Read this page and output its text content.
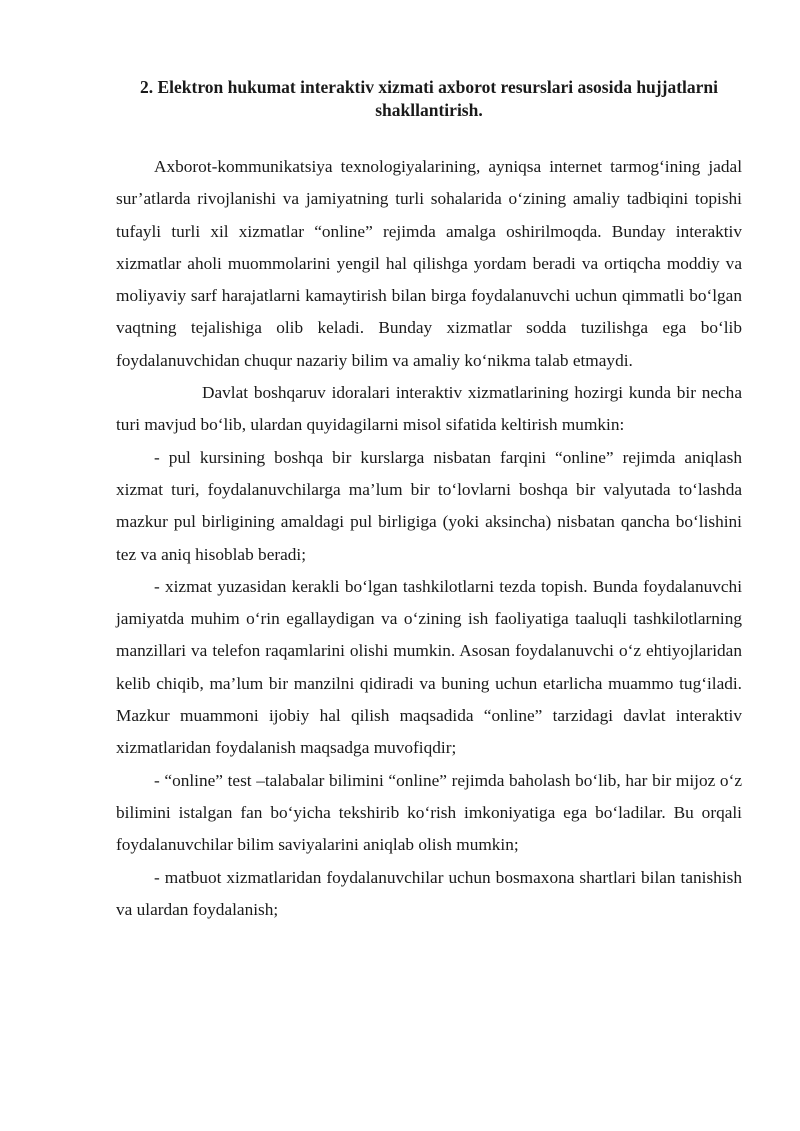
2. Elektron hukumat interaktiv xizmati axborot resurslari asosida hujjatlarni shakllantirish.

Axborot-kommunikatsiya texnologiyalarining, ayniqsa internet tarmog‘ining jadal sur’atlarda rivojlanishi va jamiyatning turli sohalarida o‘zining amaliy tadbiqini topishi tufayli turli xil xizmatlar “online” rejimda amalga oshirilmoqda. Bunday interaktiv xizmatlar aholi muommolarini yengil hal qilishga yordam beradi va ortiqcha moddiy va moliyaviy sarf harajatlarni kamaytirish bilan birga foydalanuvchi uchun qimmatli bo‘lgan vaqtning tejalishiga olib keladi. Bunday xizmatlar sodda tuzilishga ega bo‘lib foydalanuvchidan chuqur nazariy bilim va amaliy ko‘nikma talab etmaydi.

Davlat boshqaruv idoralari interaktiv xizmatlarining hozirgi kunda bir necha turi mavjud bo‘lib, ulardan quyidagilarni misol sifatida keltirish mumkin:

- pul kursining boshqa bir kurslarga nisbatan farqini “online” rejimda aniqlash xizmat turi, foydalanuvchilarga ma’lum bir to‘lovlarni boshqa bir valyutada to‘lashda mazkur pul birligining amaldagi pul birligiga (yoki aksincha) nisbatan qancha bo‘lishini tez va aniq hisoblab beradi;

- xizmat yuzasidan kerakli bo‘lgan tashkilotlarni tezda topish. Bunda foydalanuvchi jamiyatda muhim o‘rin egallaydigan va o‘zining ish faoliyatiga taaluqli tashkilotlarning manzillari va telefon raqamlarini olishi mumkin. Asosan foydalanuvchi o‘z ehtiyojlaridan kelib chiqib, ma’lum bir manzilni qidiradi va buning uchun etarlicha muammo tug‘iladi. Mazkur muammoni ijobiy hal qilish maqsadida “online” tarzidagi davlat interaktiv xizmatlaridan foydalanish maqsadga muvofiqdir;

- “online” test –talabalar bilimini “online” rejimda baholash bo‘lib, har bir mijoz o‘z bilimini istalgan fan bo‘yicha tekshirib ko‘rish imkoniyatiga ega bo‘ladilar. Bu orqali foydalanuvchilar bilim saviyalarini aniqlab olish mumkin;

- matbuot xizmatlaridan foydalanuvchilar uchun bosmaxona shartlari bilan tanishish va ulardan foydalanish;
